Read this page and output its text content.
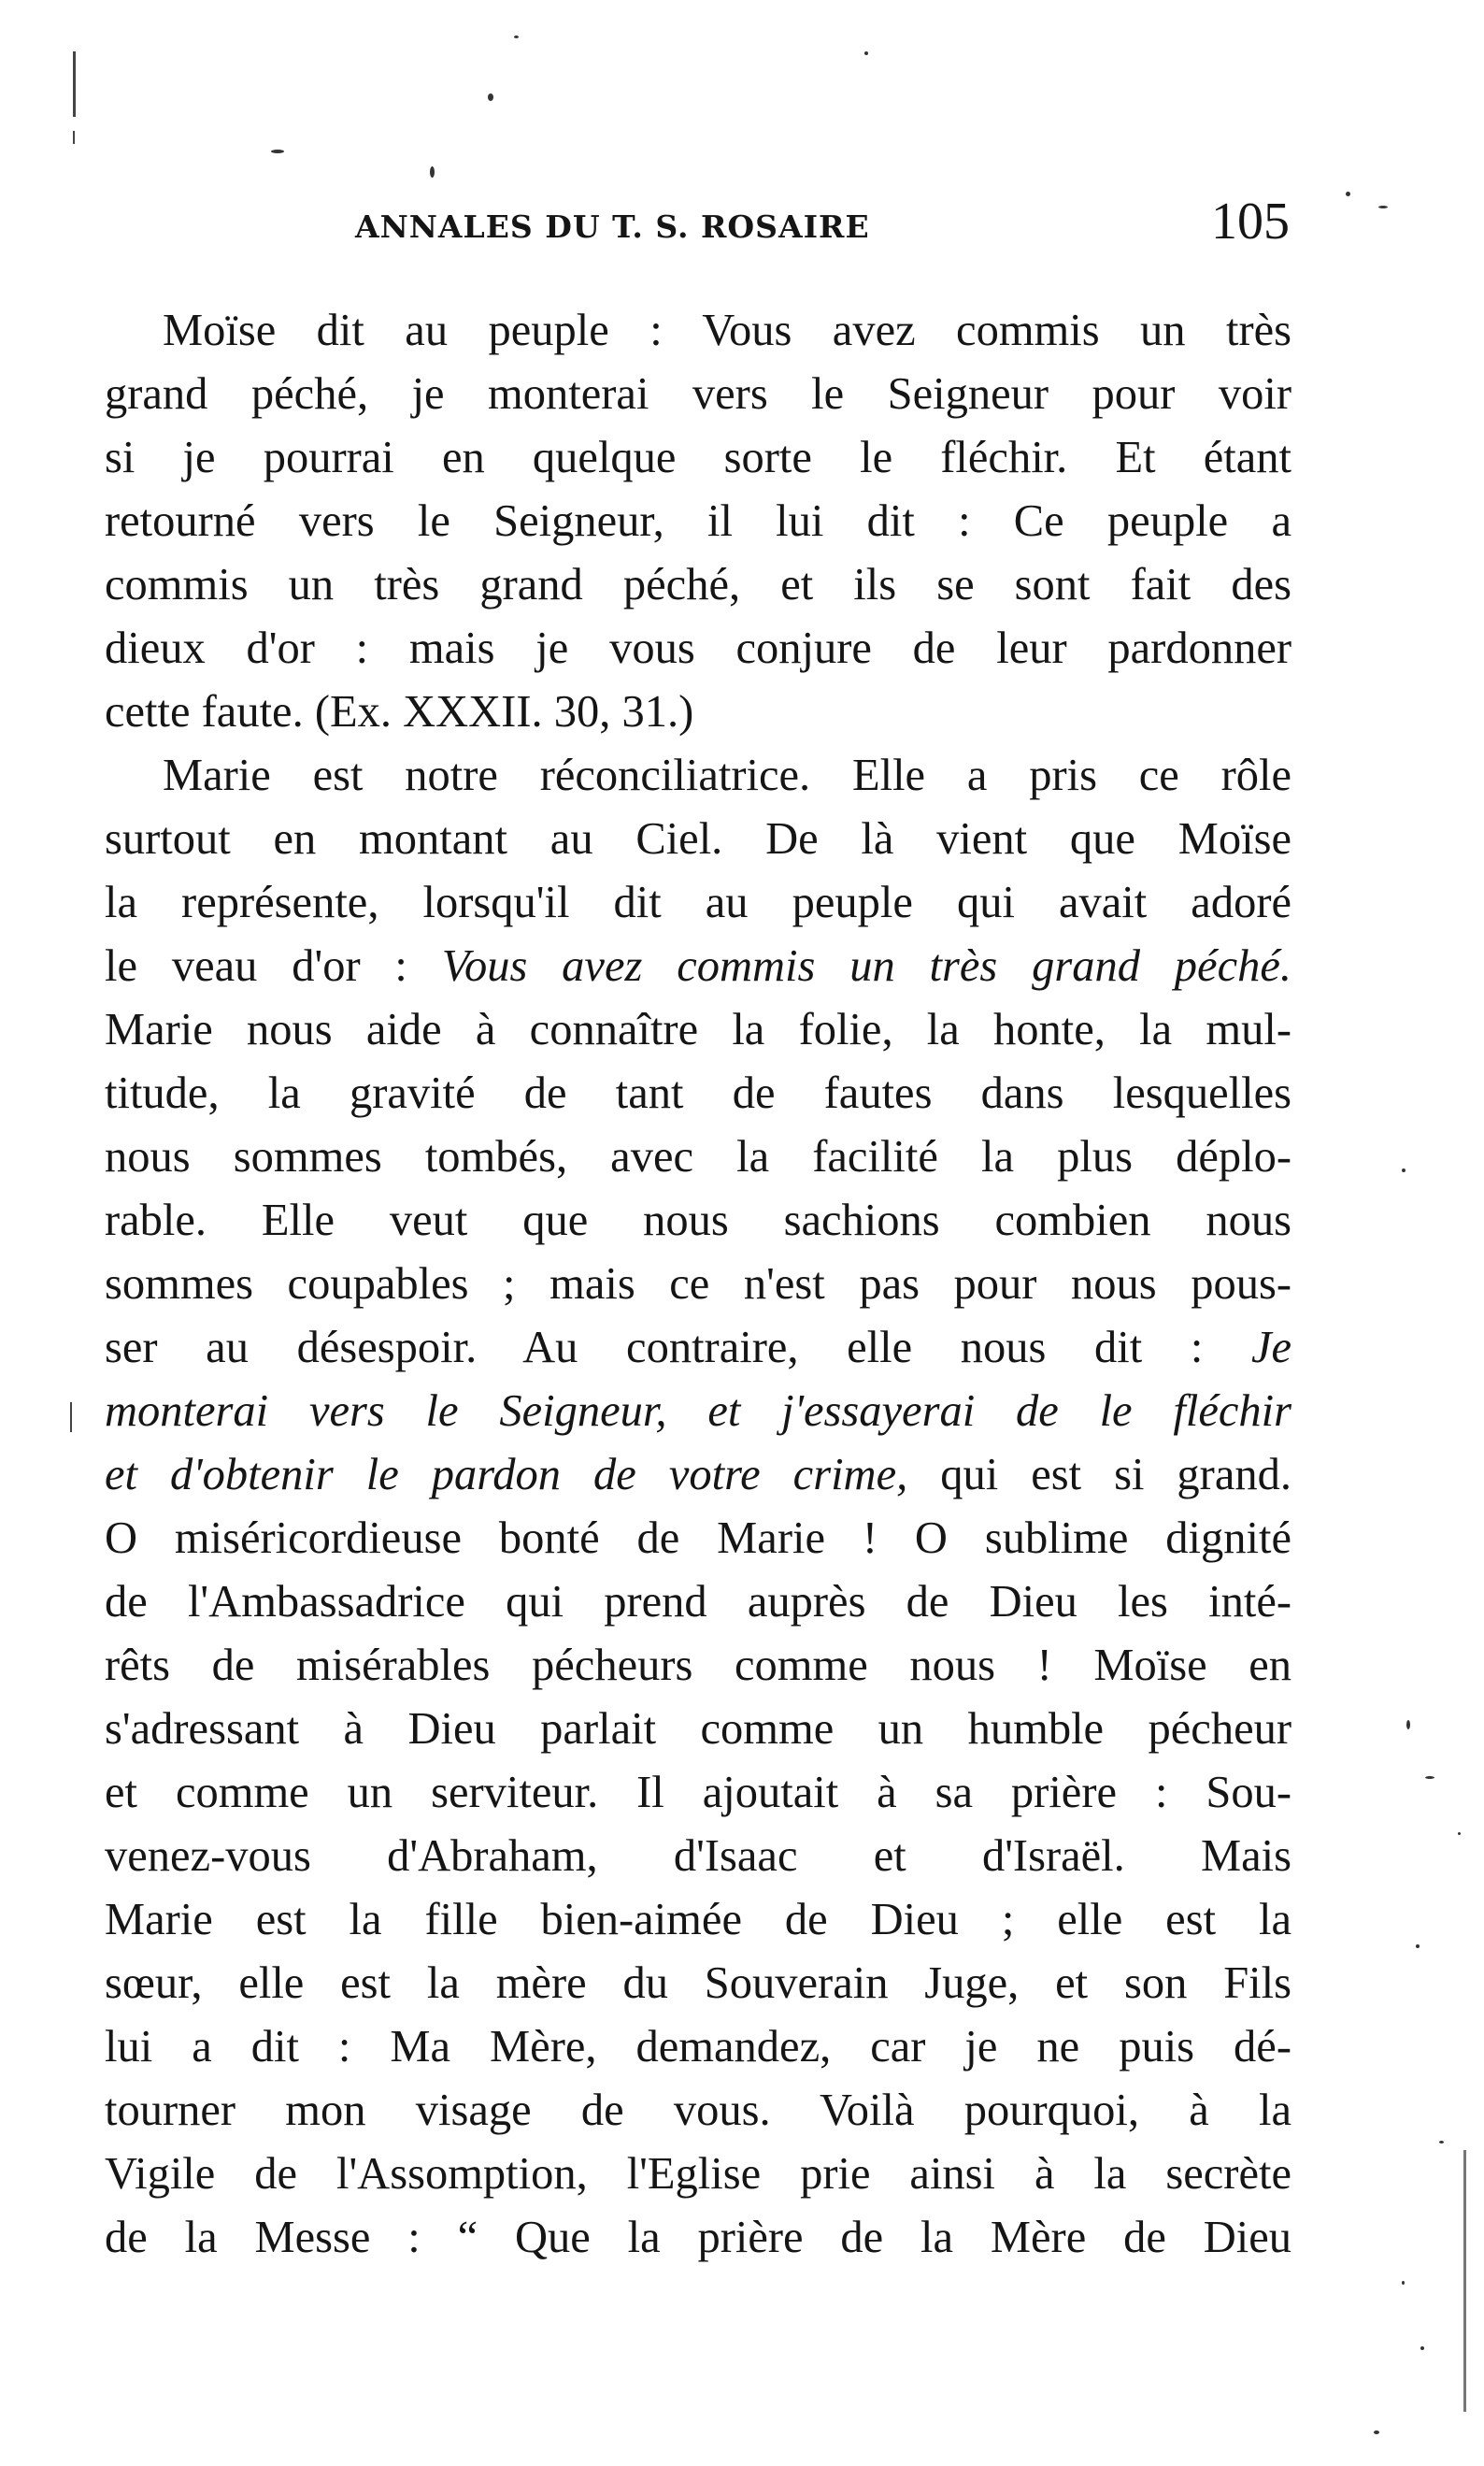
ANNALES DU T. S. ROSAIRE	105
Moïse dit au peuple : Vous avez commis un très
grand péché, je monterai vers le Seigneur pour voir
si je pourrai en quelque sorte le fléchir. Et étant
retourné vers le Seigneur, il lui dit : Ce peuple a
commis un très grand péché, et ils se sont fait des
dieux d'or : mais je vous conjure de leur pardonner
cette faute. (Ex. XXXII. 30, 31.)
Marie est notre réconciliatrice. Elle a pris ce rôle
surtout en montant au Ciel. De là vient que Moïse
la représente, lorsqu'il dit au peuple qui avait adoré
le veau d'or : Vous avez commis un très grand péché.
Marie nous aide à connaître la folie, la honte, la mul-
titude, la gravité de tant de fautes dans lesquelles
nous sommes tombés, avec la facilité la plus déplo-
rable. Elle veut que nous sachions combien nous
sommes coupables ; mais ce n'est pas pour nous pous-
ser au désespoir. Au contraire, elle nous dit : Je
monterai vers le Seigneur, et j'essayerai de le fléchir
et d'obtenir le pardon de votre crime, qui est si grand.
O miséricordieuse bonté de Marie ! O sublime dignité
de l'Ambassadrice qui prend auprès de Dieu les inté-
rêts de misérables pécheurs comme nous ! Moïse en
s'adressant à Dieu parlait comme un humble pécheur
et comme un serviteur. Il ajoutait à sa prière : Sou-
venez-vous d'Abraham, d'Isaac et d'Israël. Mais
Marie est la fille bien-aimée de Dieu ; elle est la
sœur, elle est la mère du Souverain Juge, et son Fils
lui a dit : Ma Mère, demandez, car je ne puis dé-
tourner mon visage de vous. Voilà pourquoi, à la
Vigile de l'Assomption, l'Eglise prie ainsi à la secrète
de la Messe : “ Que la prière de la Mère de Dieu
